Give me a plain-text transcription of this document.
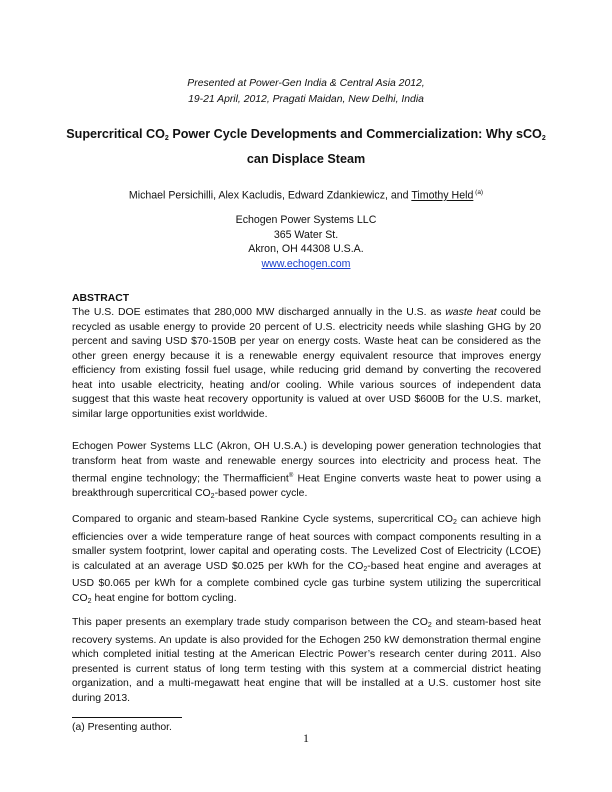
Presented at Power-Gen India & Central Asia 2012,
19-21 April, 2012, Pragati Maidan, New Delhi, India
Supercritical $CO_2$ Power Cycle Developments and Commercialization: Why sCO$_2$ can Displace Steam
Michael Persichilli, Alex Kacludis, Edward Zdankiewicz, and Timothy Held $^{(a)}$
Echogen Power Systems LLC
365 Water St.
Akron, OH 44308 U.S.A.
www.echogen.com
ABSTRACT
The U.S. DOE estimates that 280,000 MW discharged annually in the U.S. as waste heat could be recycled as usable energy to provide 20 percent of U.S. electricity needs while slashing GHG by 20 percent and saving USD $70-150B per year on energy costs. Waste heat can be considered as the other green energy because it is a renewable energy equivalent resource that improves energy efficiency from existing fossil fuel usage, while reducing grid demand by converting the recovered heat into usable electricity, heating and/or cooling. While various sources of independent data suggest that this waste heat recovery opportunity is valued at over USD $600B for the U.S. market, similar large opportunities exist worldwide.
Echogen Power Systems LLC (Akron, OH U.S.A.) is developing power generation technologies that transform heat from waste and renewable energy sources into electricity and process heat. The thermal engine technology; the Thermafficient® Heat Engine converts waste heat to power using a breakthrough supercritical $CO_2$-based power cycle.
Compared to organic and steam-based Rankine Cycle systems, supercritical $CO_2$ can achieve high efficiencies over a wide temperature range of heat sources with compact components resulting in a smaller system footprint, lower capital and operating costs. The Levelized Cost of Electricity (LCOE) is calculated at an average USD $0.025 per kWh for the $CO_2$-based heat engine and averages at USD $0.065 per kWh for a complete combined cycle gas turbine system utilizing the supercritical $CO_2$ heat engine for bottom cycling.
This paper presents an exemplary trade study comparison between the $CO_2$ and steam-based heat recovery systems. An update is also provided for the Echogen 250 kW demonstration thermal engine which completed initial testing at the American Electric Power’s research center during 2011. Also presented is current status of long term testing with this system at a commercial district heating organization, and a multi-megawatt heat engine that will be installed at a U.S. customer host site during 2013.
(a) Presenting author.
1
